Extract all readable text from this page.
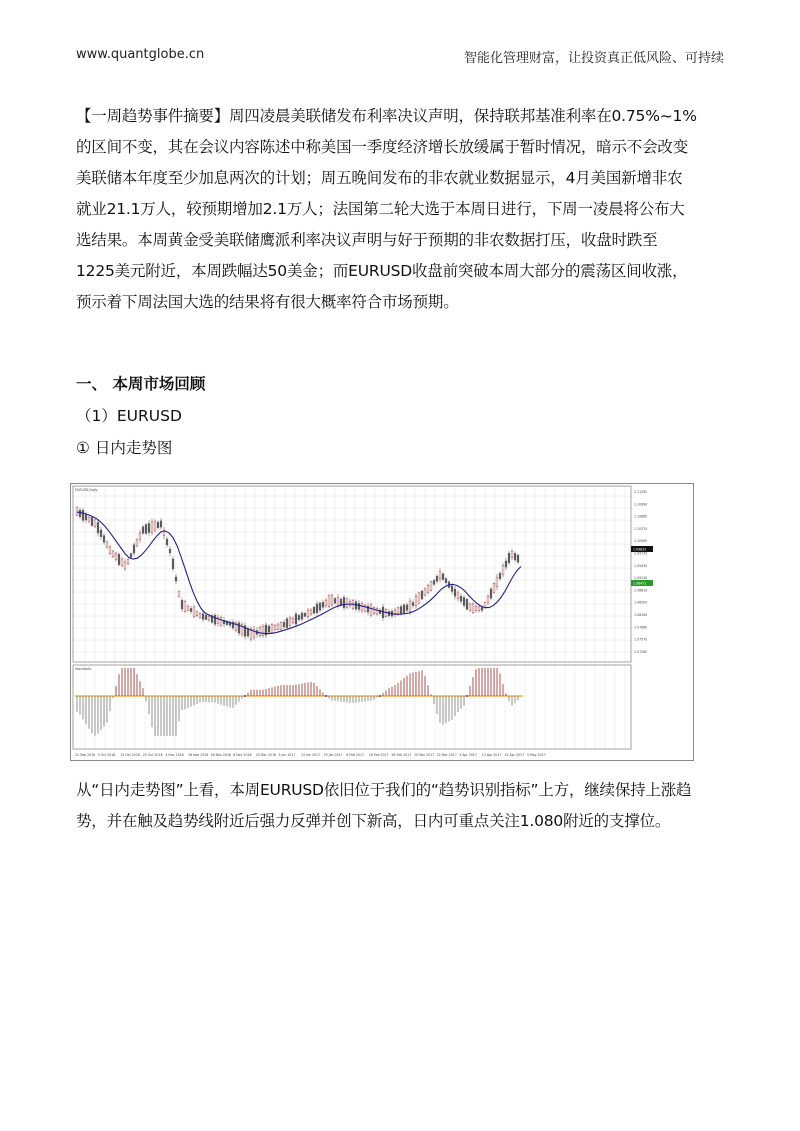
www.quantglobe.cn	智能化管理财富，让投资真正低风险、可持续
【一周趋势事件摘要】周四凌晨美联储发布利率决议声明，保持联邦基准利率在0.75%~1%
的区间不变，其在会议内容陈述中称美国一季度经济增长放缓属于暂时情况，暗示不会改变
美联储本年度至少加息两次的计划；周五晚间发布的非农就业数据显示，4月美国新增非农
就业21.1万人，较预期增加2.1万人；法国第二轮大选于本周日进行，下周一凌晨将公布大
选结果。本周黄金受美联储鹰派利率决议声明与好于预期的非农数据打压，收盘时跌至
1225美元附近，本周跌幅达50美金；而EURUSD收盘前突破本周大部分的震荡区间收涨，
预示着下周法国大选的结果将有很大概率符合市场预期。
一、 本周市场回顾
（1）EURUSD
① 日内走势图
EURUSD,Daily	1.11295
1.10990
1.10685
1.10370
1.10065
1.09735
1.09430
1.09120
1.08810
1.08500
1.08190
1.07880
1.07570
1.07260
1.09833
1.08471
Stochastic
22 Sep 2016 3 Oct 2016 13 Oct 2016 25 Oct 2016 4 Nov 2016 16 Nov 2016 28 Nov 2016 8 Dec 2016 20 Dec 2016 3 Jan 2017 13 Jan 2017 25 Jan 2017 6 Feb 2017 16 Feb 2017 28 Feb 2017 10 Mar 2017 22 Mar 2017 3 Apr 2017 13 Apr 2017 25 Apr 2017 5 May 2017
从“日内走势图”上看，本周EURUSD依旧位于我们的“趋势识别指标”上方，继续保持上涨趋
势，并在触及趋势线附近后强力反弹并创下新高，日内可重点关注1.080附近的支撑位。
